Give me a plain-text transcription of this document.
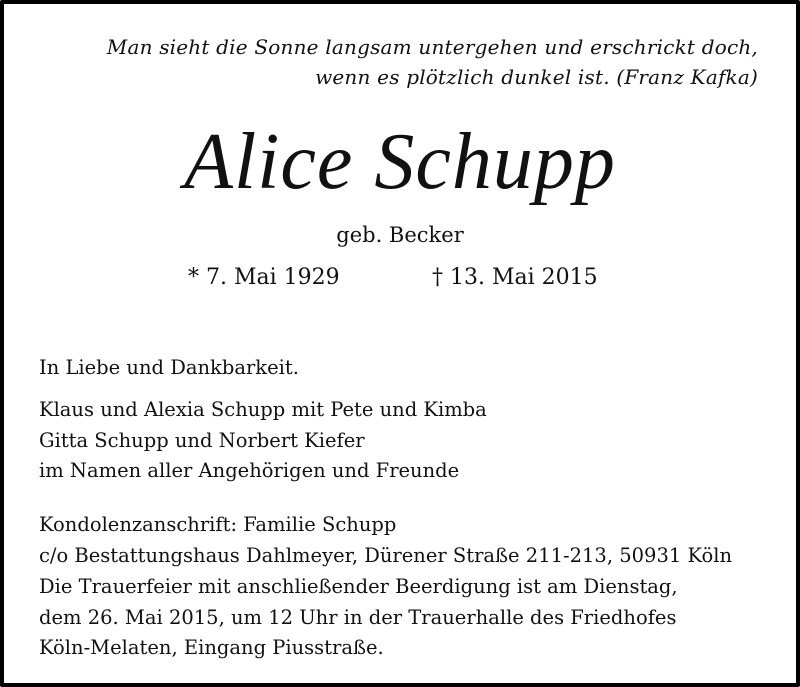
Man sieht die Sonne langsam untergehen und erschrickt doch,
wenn es plötzlich dunkel ist. (Franz Kafka)
Alice Schupp
geb. Becker
* 7. Mai 1929	† 13. Mai 2015
In Liebe und Dankbarkeit.
Klaus und Alexia Schupp mit Pete und Kimba
Gitta Schupp und Norbert Kiefer
im Namen aller Angehörigen und Freunde
Kondolenzanschrift: Familie Schupp
c/o Bestattungshaus Dahlmeyer, Dürener Straße 211-213, 50931 Köln
Die Trauerfeier mit anschließender Beerdigung ist am Dienstag,
dem 26. Mai 2015, um 12 Uhr in der Trauerhalle des Friedhofes
Köln-Melaten, Eingang Piusstraße.
